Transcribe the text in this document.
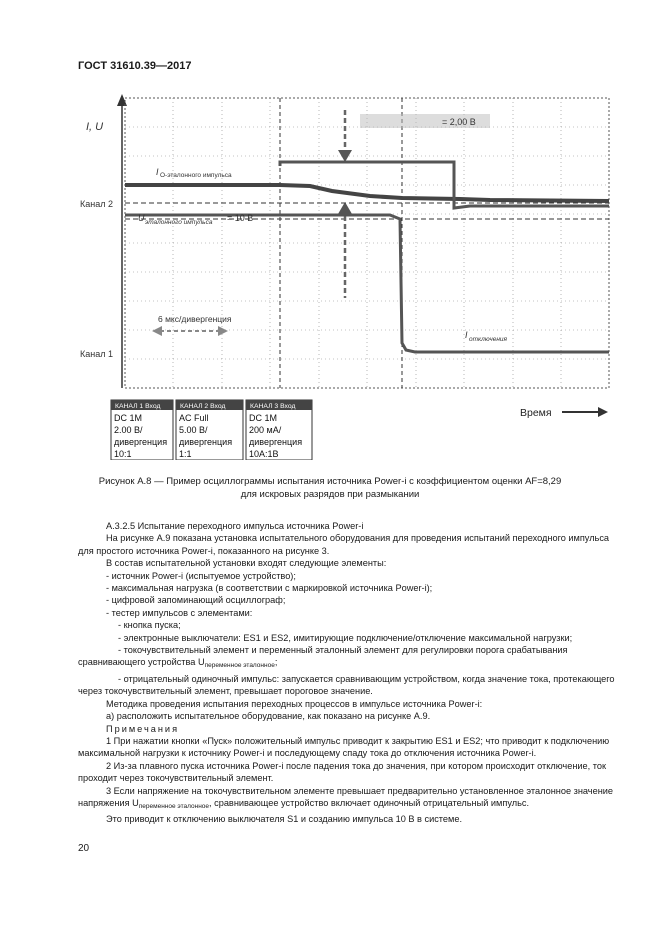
ГОСТ 31610.39—2017
= 2,00 В
I, U
I О-эталонного импульса
Канал 2
U эталонного импульса = 10 В
6 мкс/дивергенция
Канал 1
I отключения
Время
КАНАЛ 1 Вход
DC 1M
2.00 В/
дивергенция
10:1
КАНАЛ 2 Вход
AC Full
5.00 В/
дивергенция
1:1
КАНАЛ 3 Вход
DC 1M
200 мА/
дивергенция
10А:1В
Рисунок А.8 — Пример осциллограммы испытания источника Power-i с коэффициентом оценки AF=8,29
для искровых разрядов при размыкании

А.3.2.5 Испытание переходного импульса источника Power-i

На рисунке А.9 показана установка испытательного оборудования для проведения испытаний переходного импульса для простого источника Power-i, показанного на рисунке 3.

В состав испытательной установки входят следующие элементы:

- источник Power-i (испытуемое устройство);

- максимальная нагрузка (в соответствии с маркировкой источника Power-i);

- цифровой запоминающий осциллограф;

- тестер импульсов с элементами:

- кнопка пуска;

- электронные выключатели: ES1 и ES2, имитирующие подключение/отключение максимальной нагрузки;

- токочувствительный элемент и переменный эталонный элемент для регулировки порога срабатывания сравнивающего устройства $U_{переменное эталонное}$;

- отрицательный одиночный импульс: запускается сравнивающим устройством, когда значение тока, протекающего через токочувствительный элемент, превышает пороговое значение.

Методика проведения испытания переходных процессов в импульсе источника Power-i:

а) расположить испытательное оборудование, как показано на рисунке А.9.

Примечания

1 При нажатии кнопки «Пуск» положительный импульс приводит к закрытию ES1 и ES2; что приводит к подключению максимальной нагрузки к источнику Power-i и последующему спаду тока до отключения источника Power-i.

2 Из-за плавного пуска источника Power-i после падения тока до значения, при котором происходит отключение, ток проходит через токочувствительный элемент.

3 Если напряжение на токочувствительном элементе превышает предварительно установленное эталонное значение напряжения $U_{переменное эталонное}$, сравнивающее устройство включает одиночный отрицательный импульс.

Это приводит к отключению выключателя S1 и созданию импульса 10 В в системе.

20
